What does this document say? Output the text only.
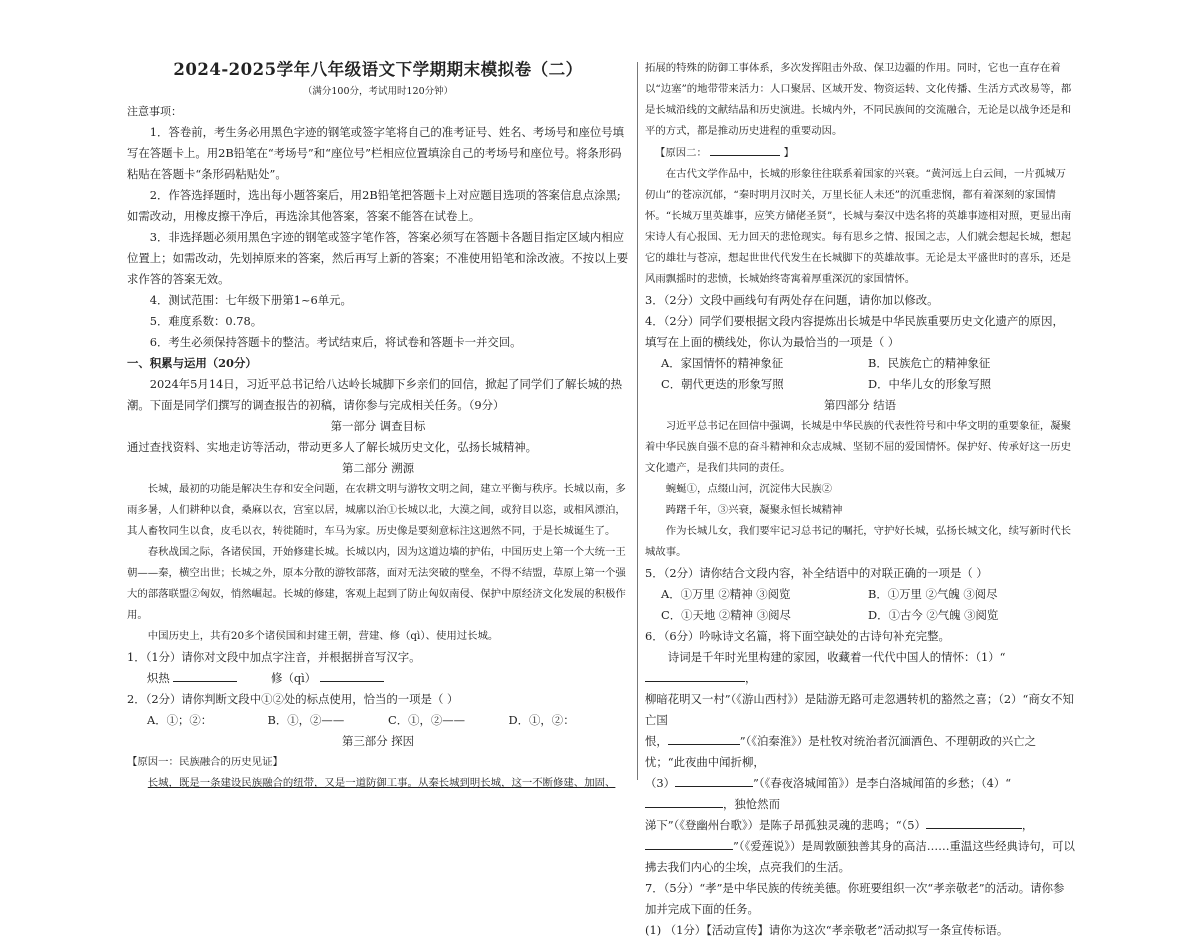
2024-2025学年八年级语文下学期期末模拟卷（二）
（满分100分，考试用时120分钟）
注意事项：

1．答卷前，考生务必用黑色字迹的钢笔或签字笔将自己的准考证号、姓名、考场号和座位号填写在答题卡上。用2B铅笔在“考场号”和“座位号”栏相应位置填涂自己的考场号和座位号。将条形码粘贴在答题卡“条形码粘贴处”。

2．作答选择题时，选出每小题答案后，用2B铅笔把答题卡上对应题目选项的答案信息点涂黑;如需改动，用橡皮擦干净后，再选涂其他答案，答案不能答在试卷上。

3．非选择题必须用黑色字迹的钢笔或签字笔作答，答案必须写在答题卡各题目指定区域内相应位置上；如需改动，先划掉原来的答案，然后再写上新的答案；不准使用铅笔和涂改液。不按以上要求作答的答案无效。

4．测试范围：七年级下册第1~6单元。

5．难度系数：0.78。

6．考生必须保持答题卡的整洁。考试结束后，将试卷和答题卡一并交回。

一、积累与运用（20分）

2024年5月14日，习近平总书记给八达岭长城脚下乡亲们的回信，掀起了同学们了解长城的热潮。下面是同学们撰写的调查报告的初稿，请你参与完成相关任务。（9分）

第一部分 调查目标

通过查找资料、实地走访等活动，带动更多人了解长城历史文化，弘扬长城精神。

第二部分 溯源

长城，最初的功能是解决生存和安全问题，在农耕文明与游牧文明之间，建立平衡与秩序。长城以南，多雨多暑，人们耕种以食，桑麻以衣，宫室以居，城廓以治①长城以北，大漠之间，或狩目以恣，或相风漂泊，其人畜牧同生以食，皮毛以衣，转徙随时，车马为家。历史像是要刻意标注这迥然不同，于是长城诞生了。

春秋战国之际，各诸侯国，开始修建长城。长城以内，因为这道边墙的护佑，中国历史上第一个大统一王朝——秦，横空出世；长城之外，原本分散的游牧部落，面对无法突破的壁垒，不得不结盟，草原上第一个强大的部落联盟②匈奴，悄然崛起。长城的修建，客观上起到了防止匈奴南侵、保护中原经济文化发展的积极作用。

中国历史上，共有20多个诸侯国和封建王朝，营建、修（qì）、使用过长城。

1．（1分）请你对文段中加点字注音，并根据拼音写汉字。

炽热	修（qì）

2．（2分）请你判断文段中①②处的标点使用，恰当的一项是（ ）

A．①；②：	B．①，②——	C．①，②——	D．①，②：

第三部分 探因

【原因一：民族融合的历史见证】

长城，既是一条建设民族融合的纽带，又是一道防御工事。从秦长城到明长城，这一不断修建、加固、

拓展的特殊的防御工事体系，多次发挥阻击外敌、保卫边疆的作用。同时，它也一直存在着以“边塞”的地带带来活力：人口聚居、区域开发、物资运转、文化传播、生活方式改易等，都是长城沿线的文献结晶和历史演进。长城内外，不同民族间的交流融合，无论是以战争还是和平的方式，都是推动历史进程的重要动因。

【原因二：	】

在古代文学作品中，长城的形象往往联系着国家的兴衰。“黄河远上白云间，一片孤城万仞山”的苍凉沉郁，“秦时明月汉时关，万里长征人未还”的沉重悲悯，都有着深刻的家国情怀。“长城万里英雄事，应笑方储佬圣贤”，长城与秦汉中迭名将的英雄事迹相对照，更显出南宋诗人有心报国、无力回天的悲怆现实。每有思乡之情、报国之志，人们就会想起长城，想起它的雄壮与苍凉，想起世世代代发生在长城脚下的英雄故事。无论是太平盛世时的喜乐，还是风雨飘摇时的悲愤，长城始终寄寓着厚重深沉的家国情怀。

3．（2分）文段中画线句有两处存在问题，请你加以修改。

4．（2分）同学们要根据文段内容提炼出长城是中华民族重要历史文化遗产的原因，填写在上面的横线处，你认为最恰当的一项是（ ）

A．家国情怀的精神象征	B．民族危亡的精神象征
C．朝代更迭的形象写照	D．中华儿女的形象写照

第四部分 结语

习近平总书记在回信中强调，长城是中华民族的代表性符号和中华文明的重要象征，凝聚着中华民族自强不息的奋斗精神和众志成城、坚韧不屈的爱国情怀。保护好、传承好这一历史文化遗产，是我们共同的责任。

蜿蜒①，点缀山河，沉淀伟大民族②

踌躇千年，③兴衰，凝聚永恒长城精神

作为长城儿女，我们要牢记习总书记的嘱托，守护好长城，弘扬长城文化，续写新时代长城故事。

5．（2分）请你结合文段内容，补全结语中的对联正确的一项是（ ）

A．①万里 ②精神 ③阅览	B．①万里 ②气魄 ③阅尽
C．①天地 ②精神 ③阅尽	D．①古今 ②气魄 ③阅览

6．（6分）吟咏诗文名篇，将下面空缺处的古诗句补充完整。

诗词是千年时光里构建的家园，收藏着一代代中国人的情怀：（1）“，

柳暗花明又一村”（《游山西村》）是陆游无路可走忽遇转机的豁然之喜；（2）“商女不知亡国

恨，	”（《泊秦淮》）是杜牧对统治者沉湎酒色、不理朝政的兴亡之忧；“此夜曲中闻折柳，

（3）	”（《春夜洛城闻笛》）是李白洛城闻笛的乡愁；（4）“，独怆然而

涕下”（《登幽州台歌》）是陈子昂孤独灵魂的悲鸣；“（5）	，

”（《爱莲说》）是周敦颐独善其身的高洁……重温这些经典诗句，可以拂去我们内心的尘埃，点亮我们的生活。

7．（5分）“孝”是中华民族的传统美德。你班要组织一次“孝亲敬老”的活动。请你参加并完成下面的任务。

(1) （1分）【活动宣传】请你为这次“孝亲敬老”活动拟写一条宣传标语。
